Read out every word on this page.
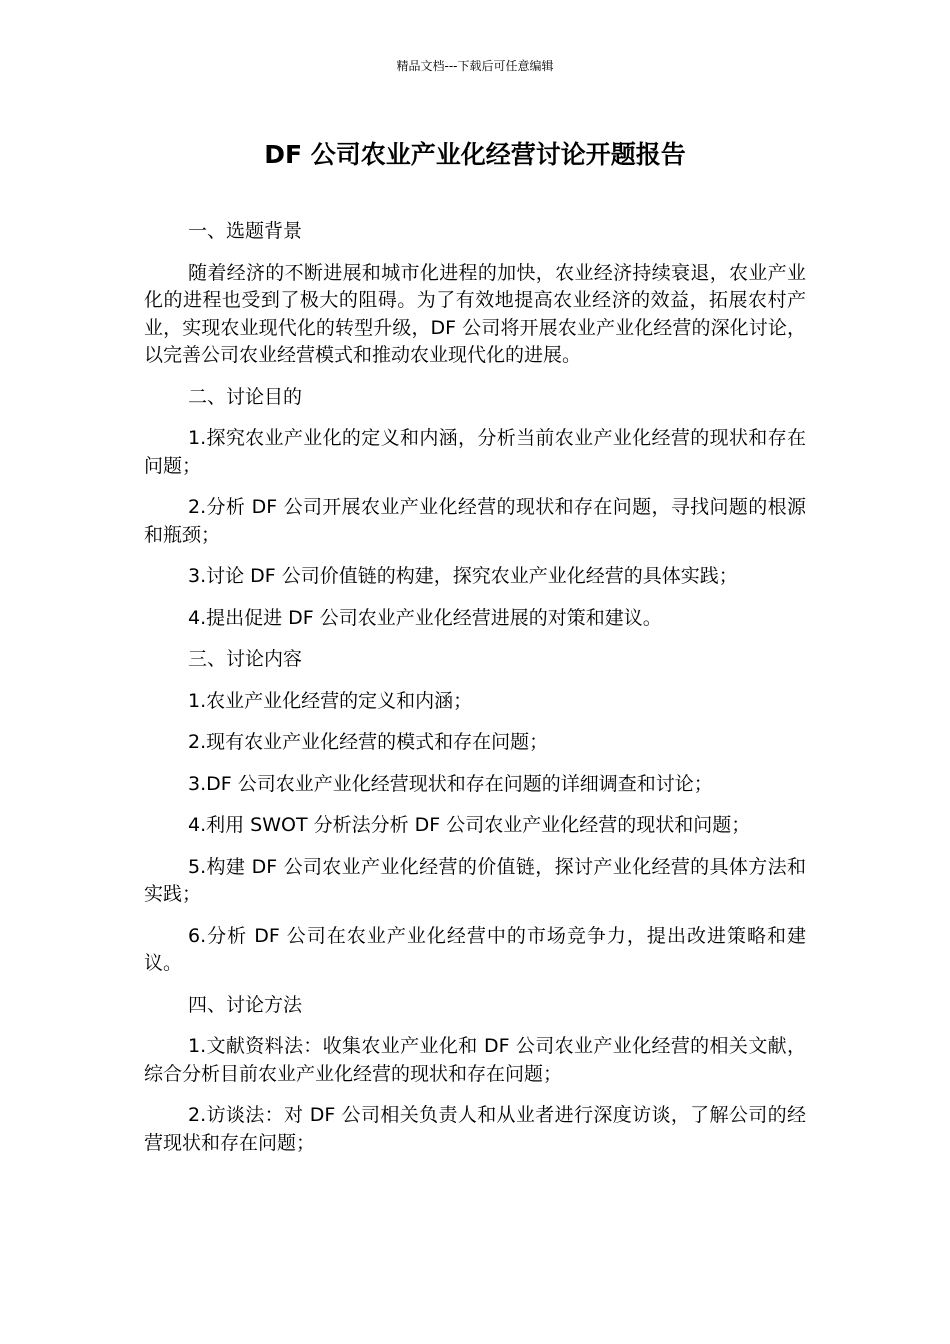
精品文档---下载后可任意编辑
DF 公司农业产业化经营讨论开题报告

一、选题背景

随着经济的不断进展和城市化进程的加快，农业经济持续衰退，农业产业化的进程也受到了极大的阻碍。为了有效地提高农业经济的效益，拓展农村产业，实现农业现代化的转型升级，DF 公司将开展农业产业化经营的深化讨论，以完善公司农业经营模式和推动农业现代化的进展。

二、讨论目的

1.探究农业产业化的定义和内涵，分析当前农业产业化经营的现状和存在问题；

2.分析 DF 公司开展农业产业化经营的现状和存在问题，寻找问题的根源和瓶颈；

3.讨论 DF 公司价值链的构建，探究农业产业化经营的具体实践；

4.提出促进 DF 公司农业产业化经营进展的对策和建议。

三、讨论内容

1.农业产业化经营的定义和内涵；

2.现有农业产业化经营的模式和存在问题；

3.DF 公司农业产业化经营现状和存在问题的详细调查和讨论；

4.利用 SWOT 分析法分析 DF 公司农业产业化经营的现状和问题；

5.构建 DF 公司农业产业化经营的价值链，探讨产业化经营的具体方法和实践；

6.分析 DF 公司在农业产业化经营中的市场竞争力，提出改进策略和建议。

四、讨论方法

1.文献资料法：收集农业产业化和 DF 公司农业产业化经营的相关文献，综合分析目前农业产业化经营的现状和存在问题；

2.访谈法：对 DF 公司相关负责人和从业者进行深度访谈，了解公司的经营现状和存在问题；
